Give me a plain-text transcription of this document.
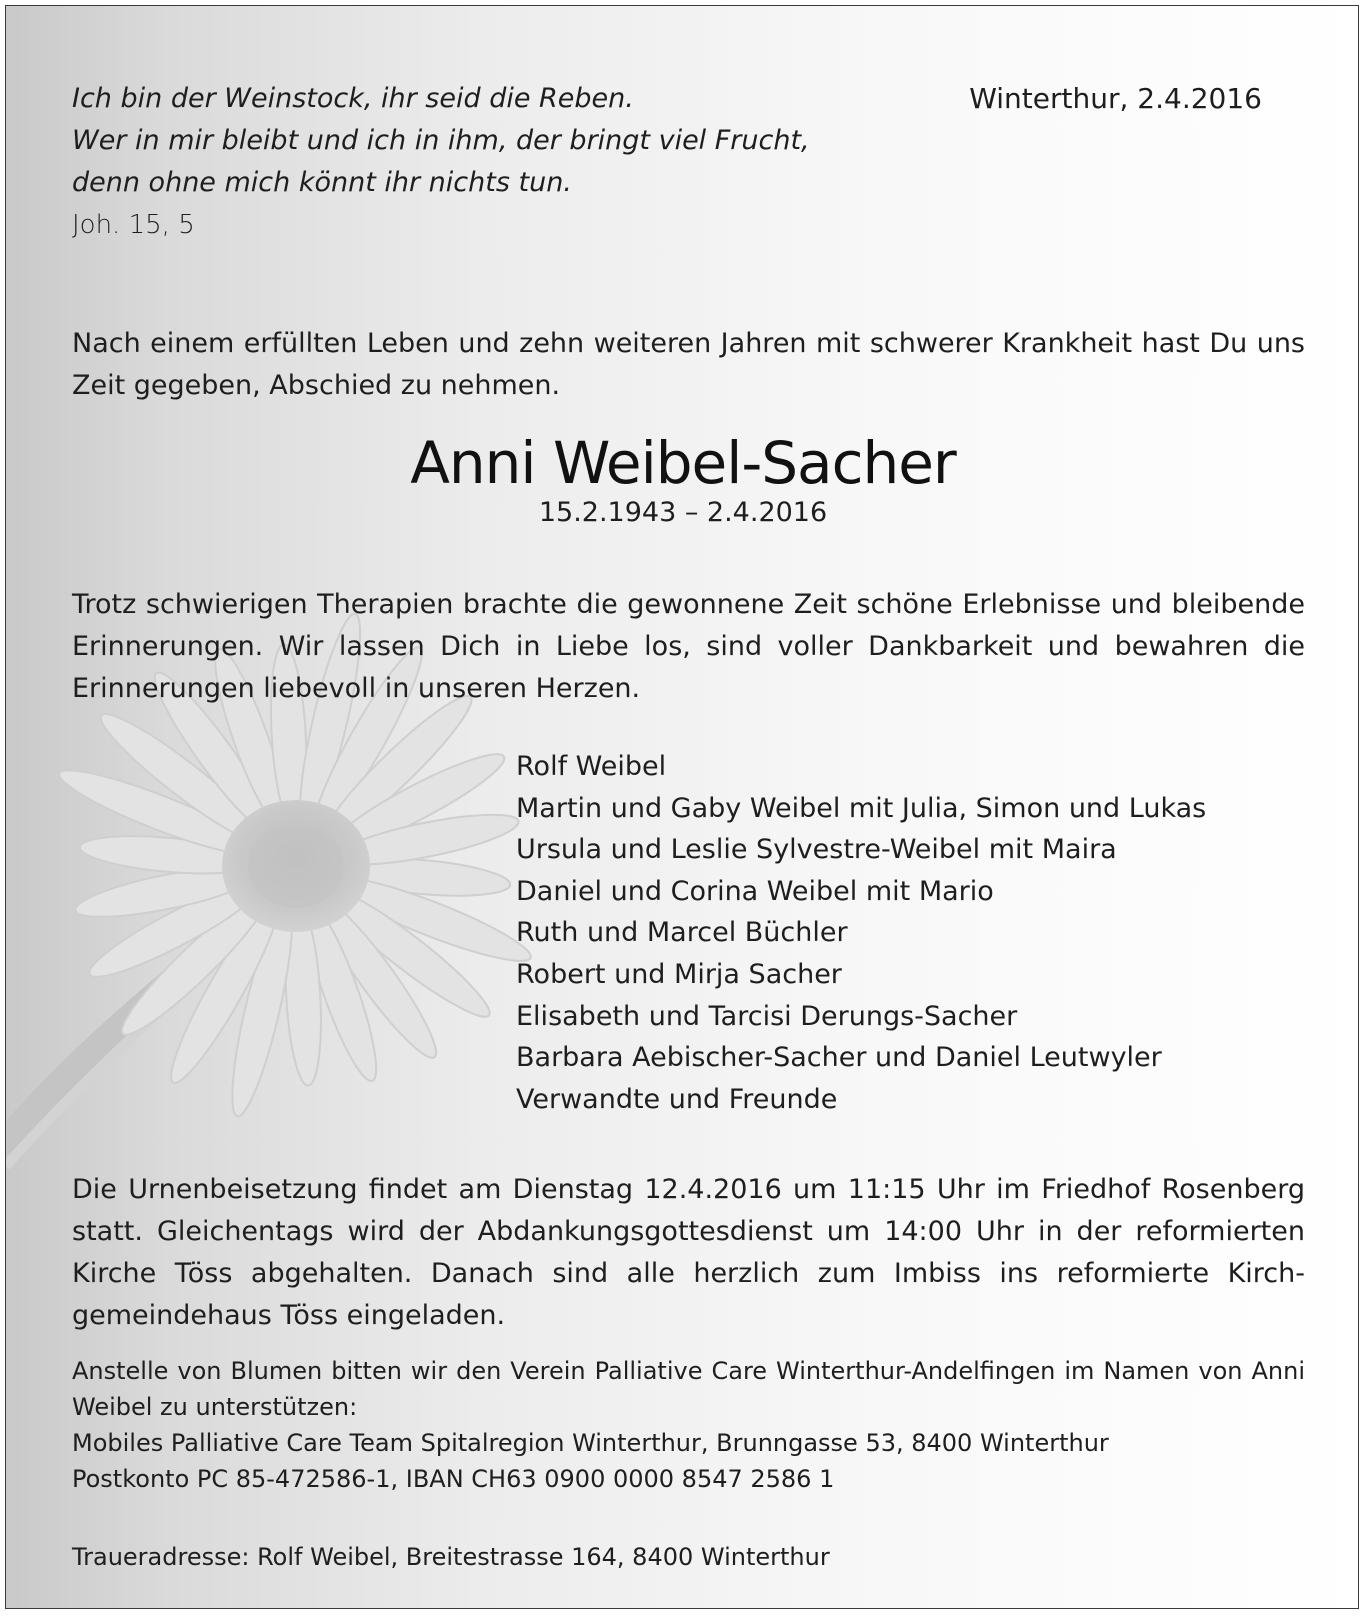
Ich bin der Weinstock, ihr seid die Reben.
Wer in mir bleibt und ich in ihm, der bringt viel Frucht,
denn ohne mich könnt ihr nichts tun.
Joh. 15, 5
Winterthur, 2.4.2016
Nach einem erfüllten Leben und zehn weiteren Jahren mit schwerer Krankheit hast Du uns Zeit gegeben, Abschied zu nehmen.
Anni Weibel-Sacher
15.2.1943 – 2.4.2016
Trotz schwierigen Therapien brachte die gewonnene Zeit schöne Erlebnisse und bleibende Erinnerungen. Wir lassen Dich in Liebe los, sind voller Dankbarkeit und bewahren die Erinnerungen liebevoll in unseren Herzen.
Rolf Weibel
Martin und Gaby Weibel mit Julia, Simon und Lukas
Ursula und Leslie Sylvestre-Weibel mit Maira
Daniel und Corina Weibel mit Mario
Ruth und Marcel Büchler
Robert und Mirja Sacher
Elisabeth und Tarcisi Derungs-Sacher
Barbara Aebischer-Sacher und Daniel Leutwyler
Verwandte und Freunde
Die Urnenbeisetzung findet am Dienstag 12.4.2016 um 11:15 Uhr im Friedhof Rosenberg statt. Gleichentags wird der Abdankungsgottesdienst um 14:00 Uhr in der reformierten Kirche Töss abgehalten. Danach sind alle herzlich zum Imbiss ins reformierte Kirch-gemeindehaus Töss eingeladen.
Anstelle von Blumen bitten wir den Verein Palliative Care Winterthur-Andelfingen im Namen von Anni Weibel zu unterstützen:
Mobiles Palliative Care Team Spitalregion Winterthur, Brunngasse 53, 8400 Winterthur
Postkonto PC 85-472586-1, IBAN CH63 0900 0000 8547 2586 1
Traueradresse: Rolf Weibel, Breitestrasse 164, 8400 Winterthur
